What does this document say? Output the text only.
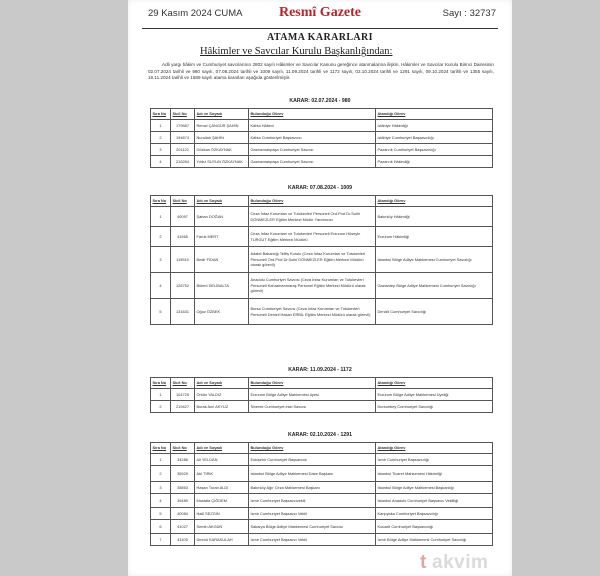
29 Kasım 2024 CUMA	Resmî Gazete	Sayı : 32737
ATAMA KARARLARI
Hâkimler ve Savcılar Kurulu Başkanlığından:
Adli yargı hâkim ve Cumhuriyet savcılarının 2802 sayılı Hâkimler ve Savcılar Kanunu gereğince atanmalarına ilişkin, Hâkimler ve Savcılar Kurulu Birinci Dairesinin 02.07.2024 tarihli ve 980 sayılı, 07.08.2024 tarihli ve 1009 sayılı, 11.09.2024 tarihli ve 1172 sayılı, 02.10.2024 tarihli ve 1291 sayılı, 09.10.2024 tarihli ve 1355 sayılı, 19.11.2024 tarihli ve 1589 sayılı atama kararları aşağıda gösterilmiştir.
KARAR: 02.07.2024 - 980
Sıra No	Sicil No	Adı ve Soyadı	Bulunduğu Görev	Atandığı Görev
1	179587	Remzi ÇANGÜR ŞAHİN	Kâhta Hâkimi	İzlâbiye Hâkimliği
2	194674	Nurullah ŞAHİN	Kâhta Cumhuriyet Başsavcısı	İzlâbiye Cumhuriyet Başsavcılığı
3	201122	Gözkan ÖZKAYNAK	Gaziosmanpaşa Cumhuriyet Savcısı	Pazarcık Cumhuriyet Başsavcılığı
4	216284	Yıldız SUYUN ÖZKAYNAK	Gaziosmanpaşa Cumhuriyet Savcısı	Pazarcık Hâkimliği
KARAR: 07.08.2024 - 1009
Sıra No	Sicil No	Adı ve Soyadı	Bulunduğu Görev	Atandığı Görev
1	40097	Şaban DOĞAN	Ceza İnfaz Kurumları ve Tutukevleri Personeli Ord.Prof.Dr.Sulhi DÖNMEZLER Eğitim Merkezi Müdür Yardımcısı	Bakırköy Hâkimliği
2	41565	Faruk MERT	Ceza İnfaz Kurumları ve Tutukevleri Personeli Erzurum Hüseyin TURGUT Eğitim Merkezi Müdürü	Erzurum Hâkimliği
3	119519	Bedir FİDAN	Adalet Bakanlığı Teftiş Kurulu (Ceza İnfaz Kurumları ve Tutukevleri Personeli Ord.Prof.Dr.Sulhi DÖNMEZLER Eğitim Merkezi Müdürü olarak görevli)	İstanbul Bölge Adliye Mahkemesi Cumhuriyet Savcılığı
4	126752	Bülent DELİBALTA	Anadolu Cumhuriyet Savcısı (Ceza İnfaz Kurumları ve Tutukevleri Personeli Kahramanmaraş Personel Eğitim Merkezi Müdürü olarak görevli)	Gaziantep Bölge Adliye Mahkemesi Cumhuriyet Savcılığı
5	131631	Oğuz ÖZBEK	Bursa Cumhuriyet Savcısı (Ceza İnfaz Kurumları ve Tutukevleri Personeli Denizli Hasan ERBİL Eğitim Merkezi Müdürü olarak görevli)	Denizli Cumhuriyet Savcılığı
KARAR: 11.09.2024 - 1172
Sıra No	Sicil No	Adı ve Soyadı	Bulunduğu Görev	Atandığı Görev
1	104725	Örkün YALDIZ	Erzurum Bölge Adliye Mahkemesi üyesi	Erzurum Bölge Adliye Mahkemesi Üyeliği
2	219427	Burak Anıl AKYÜZ	Siverek Cumhuriyet eski Savcısı	Dursunbey Cumhuriyet Savcılığı
KARAR: 02.10.2024 - 1291
Sıra No	Sicil No	Adı ve Soyadı	Bulunduğu Görev	Atandığı Görev
1	34286	Ali YELDAN	Eskişehir Cumhuriyet Başsavcısı	İzmir Cumhuriyet Başsavcılığı
2	35929	Atıl TIRIK	İstanbul Bölge Adliye Mahkemesi Daire Başkanı	İstanbul Ticaret Mahkemesi Hâkimliği
3	35853	Hasan Turan ALDI	Bakırköy Ağır Ceza Mahkemesi Başkanı	İstanbul Bölge Adliye Mahkemesi Başkanlığı
4	39489	Mustafa ÇİĞDEM	İzmir Cumhuriyet Başsavcıvekili	İstanbul Anadolu Cumhuriyet Başsavcı Vekilliği
5	40084	Halil SEZGİN	İzmir Cumhuriyet Başsavcı Vekili	Karşıyaka Cumhuriyet Başsavcılığı
6	41027	Semih AKGÜN	Sakarya Bölge Adliye Mahkemesi Cumhuriyet Savcısı	Kocaeli Cumhuriyet Başsavcılığı
7	41105	Ümmü KARAKULAH	İzmir Cumhuriyet Başsavcı Vekili	İzmir Bölge Adliye Mahkemesi Cumhuriyet Savcılığı
t akvim
